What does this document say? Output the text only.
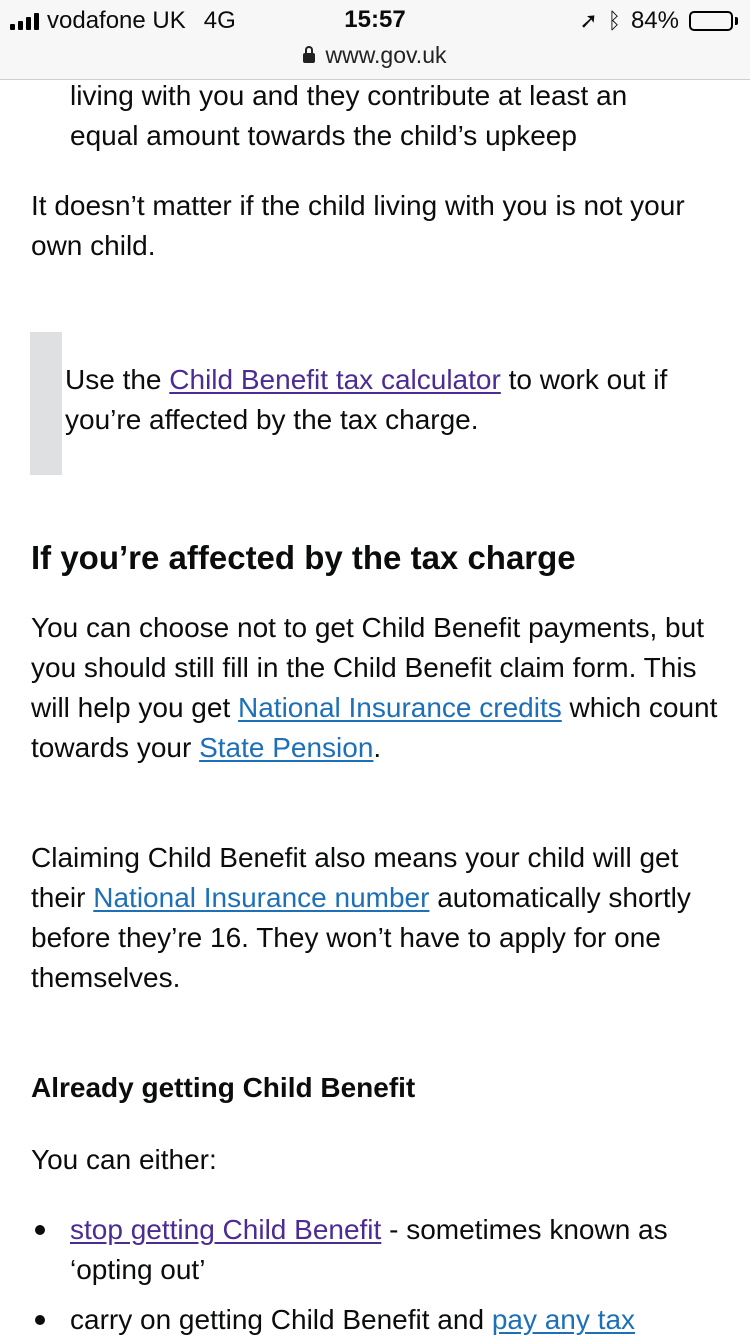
vodafone UK 4G	15:57	➚ ᛒ 84%
www.gov.uk
living with you and they contribute at least an
equal amount towards the child’s upkeep

It doesn’t matter if the child living with you is not your own child.

Use the Child Benefit tax calculator to work out if you’re affected by the tax charge.

If you’re affected by the tax charge

You can choose not to get Child Benefit payments, but you should still fill in the Child Benefit claim form. This will help you get National Insurance credits which count towards your State Pension.

Claiming Child Benefit also means your child will get their National Insurance number automatically shortly before they’re 16. They won’t have to apply for one themselves.

Already getting Child Benefit

You can either:

stop getting Child Benefit - sometimes known as ‘opting out’
carry on getting Child Benefit and pay any tax
